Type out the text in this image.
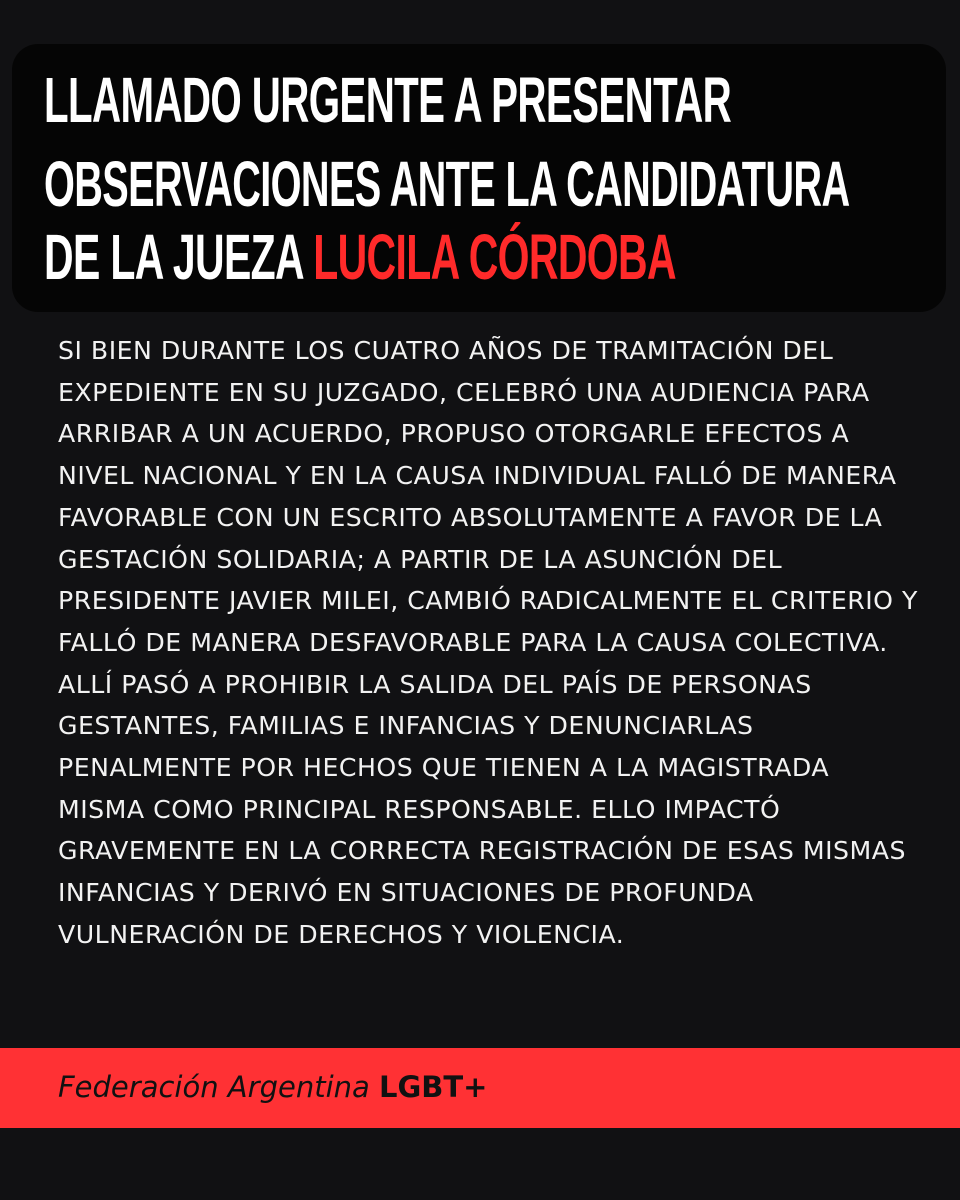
LLAMADO URGENTE A PRESENTAR
OBSERVACIONES ANTE LA CANDIDATURA
DE LA JUEZA LUCILA CÓRDOBA

SI BIEN DURANTE LOS CUATRO AÑOS DE TRAMITACIÓN DEL EXPEDIENTE EN SU JUZGADO, CELEBRÓ UNA AUDIENCIA PARA ARRIBAR A UN ACUERDO, PROPUSO OTORGARLE EFECTOS A NIVEL NACIONAL Y EN LA CAUSA INDIVIDUAL FALLÓ DE MANERA FAVORABLE CON UN ESCRITO ABSOLUTAMENTE A FAVOR DE LA GESTACIÓN SOLIDARIA; A PARTIR DE LA ASUNCIÓN DEL PRESIDENTE JAVIER MILEI, CAMBIÓ RADICALMENTE EL CRITERIO Y FALLÓ DE MANERA DESFAVORABLE PARA LA CAUSA COLECTIVA. ALLÍ PASÓ A PROHIBIR LA SALIDA DEL PAÍS DE PERSONAS GESTANTES, FAMILIAS E INFANCIAS Y DENUNCIARLAS PENALMENTE POR HECHOS QUE TIENEN A LA MAGISTRADA MISMA COMO PRINCIPAL RESPONSABLE. ELLO IMPACTÓ GRAVEMENTE EN LA CORRECTA REGISTRACIÓN DE ESAS MISMAS INFANCIAS Y DERIVÓ EN SITUACIONES DE PROFUNDA VULNERACIÓN DE DERECHOS Y VIOLENCIA.

Federación Argentina LGBT+
